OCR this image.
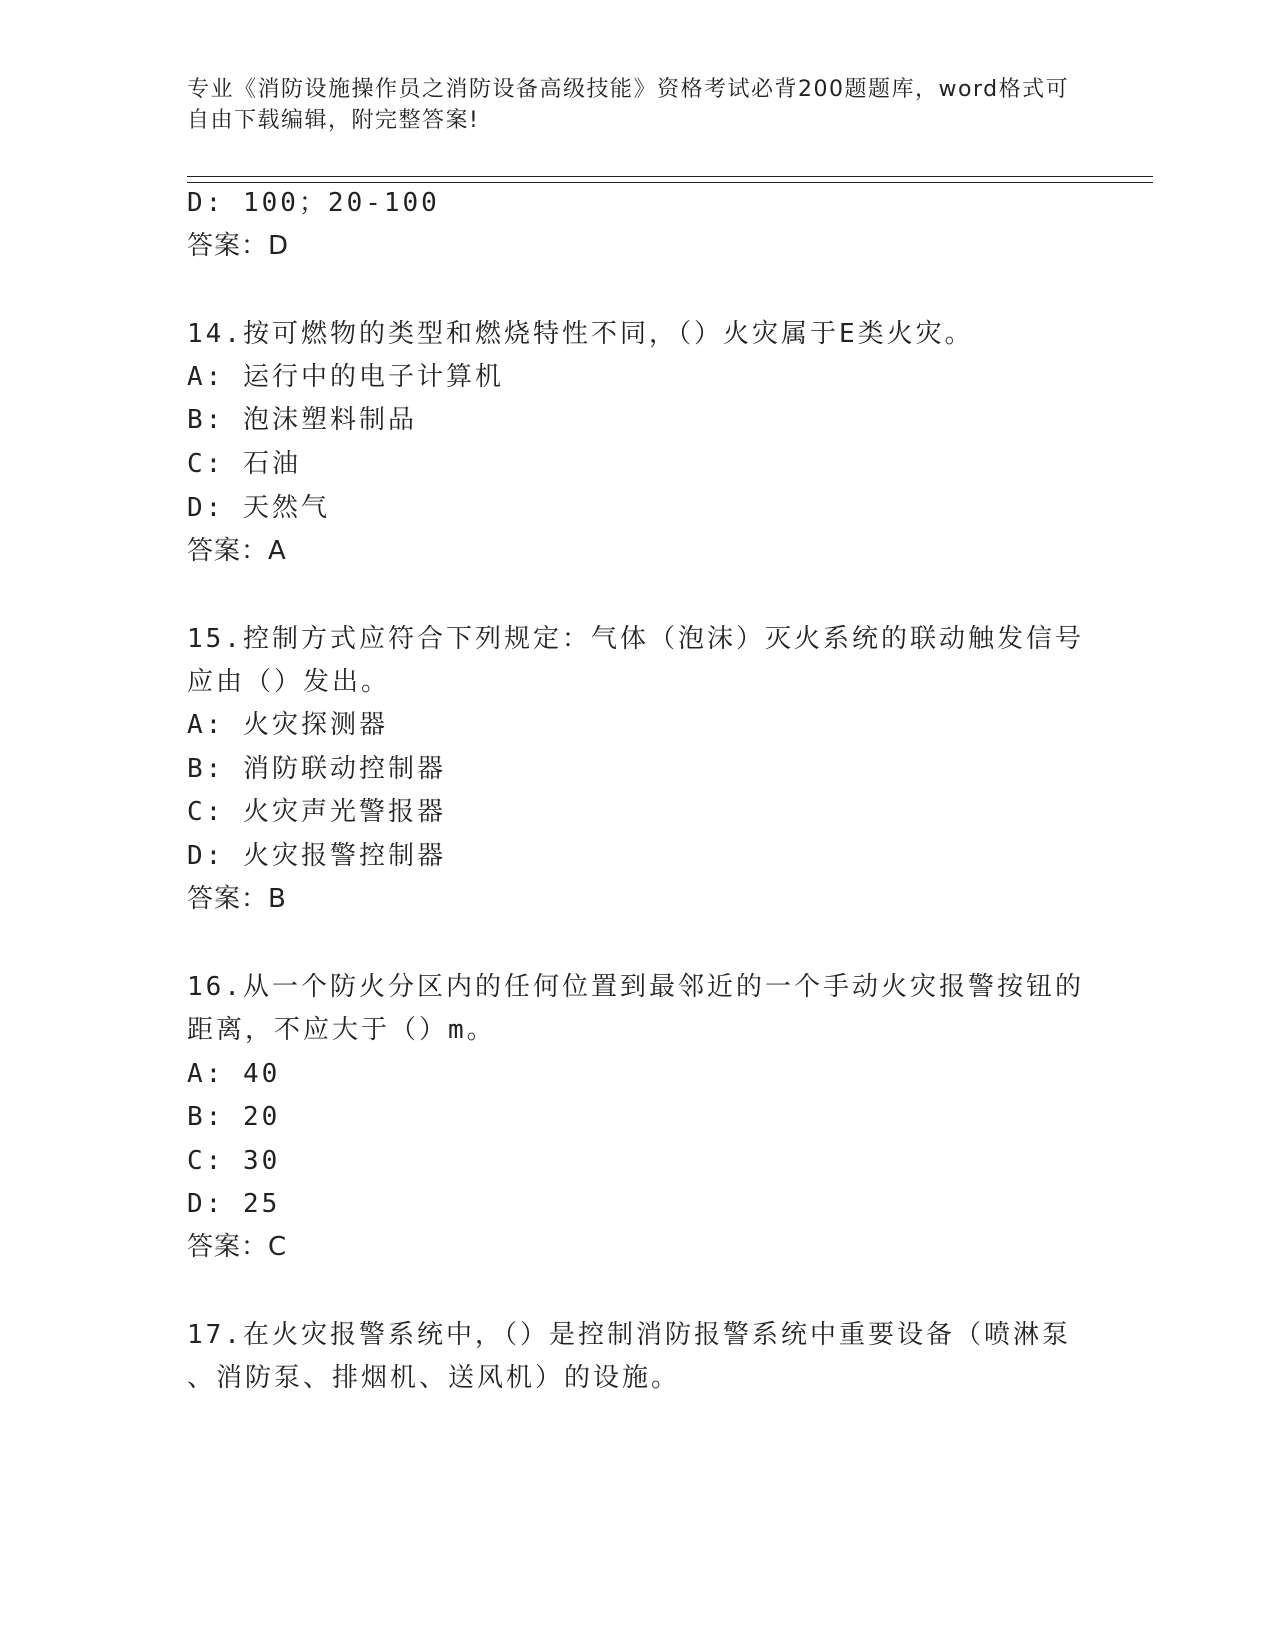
专业《消防设施操作员之消防设备高级技能》资格考试必背200题题库，word格式可自由下载编辑，附完整答案!
D: 100；20-100
答案：D
14.按可燃物的类型和燃烧特性不同，（）火灾属于E类火灾。
A: 运行中的电子计算机
B: 泡沫塑料制品
C: 石油
D: 天然气
答案：A
15.控制方式应符合下列规定：气体（泡沫）灭火系统的联动触发信号
应由（）发出。
A: 火灾探测器
B: 消防联动控制器
C: 火灾声光警报器
D: 火灾报警控制器
答案：B
16.从一个防火分区内的任何位置到最邻近的一个手动火灾报警按钮的
距离，不应大于（）m。
A: 40
B: 20
C: 30
D: 25
答案：C
17.在火灾报警系统中，（）是控制消防报警系统中重要设备（喷淋泵
、消防泵、排烟机、送风机）的设施。
